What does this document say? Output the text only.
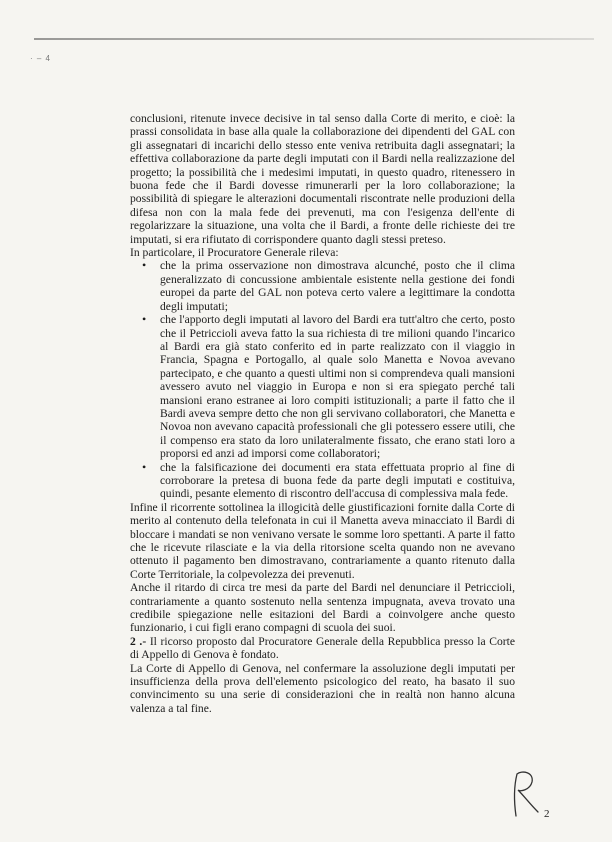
· – 4

conclusioni, ritenute invece decisive in tal senso dalla Corte di merito, e cioè: la prassi consolidata in base alla quale la collaborazione dei dipendenti del GAL con gli assegnatari di incarichi dello stesso ente veniva retribuita dagli assegnatari; la effettiva collaborazione da parte degli imputati con il Bardi nella realizzazione del progetto; la possibilità che i medesimi imputati, in questo quadro, ritenessero in buona fede che il Bardi dovesse rimunerarli per la loro collaborazione; la possibilità di spiegare le alterazioni documentali riscontrate nelle produzioni della difesa non con la mala fede dei prevenuti, ma con l'esigenza dell'ente di regolarizzare la situazione, una volta che il Bardi, a fronte delle richieste dei tre imputati, si era rifiutato di corrispondere quanto dagli stessi preteso.

In particolare, il Procuratore Generale rileva:

• che la prima osservazione non dimostrava alcunché, posto che il clima generalizzato di concussione ambientale esistente nella gestione dei fondi europei da parte del GAL non poteva certo valere a legittimare la condotta degli imputati;
• che l'apporto degli imputati al lavoro del Bardi era tutt'altro che certo, posto che il Petriccioli aveva fatto la sua richiesta di tre milioni quando l'incarico al Bardi era già stato conferito ed in parte realizzato con il viaggio in Francia, Spagna e Portogallo, al quale solo Manetta e Novoa avevano partecipato, e che quanto a questi ultimi non si comprendeva quali mansioni avessero avuto nel viaggio in Europa e non si era spiegato perché tali mansioni erano estranee ai loro compiti istituzionali; a parte il fatto che il Bardi aveva sempre detto che non gli servivano collaboratori, che Manetta e Novoa non avevano capacità professionali che gli potessero essere utili, che il compenso era stato da loro unilateralmente fissato, che erano stati loro a proporsi ed anzi ad imporsi come collaboratori;
• che la falsificazione dei documenti era stata effettuata proprio al fine di corroborare la pretesa di buona fede da parte degli imputati e costituiva, quindi, pesante elemento di riscontro dell'accusa di complessiva mala fede.

Infine il ricorrente sottolinea la illogicità delle giustificazioni fornite dalla Corte di merito al contenuto della telefonata in cui il Manetta aveva minacciato il Bardi di bloccare i mandati se non venivano versate le somme loro spettanti. A parte il fatto che le ricevute rilasciate e la via della ritorsione scelta quando non ne avevano ottenuto il pagamento ben dimostravano, contrariamente a quanto ritenuto dalla Corte Territoriale, la colpevolezza dei prevenuti.

Anche il ritardo di circa tre mesi da parte del Bardi nel denunciare il Petriccioli, contrariamente a quanto sostenuto nella sentenza impugnata, aveva trovato una credibile spiegazione nelle esitazioni del Bardi a coinvolgere anche questo funzionario, i cui figli erano compagni di scuola dei suoi.

2 .- Il ricorso proposto dal Procuratore Generale della Repubblica presso la Corte di Appello di Genova è fondato.

La Corte di Appello di Genova, nel confermare la assoluzione degli imputati per insufficienza della prova dell'elemento psicologico del reato, ha basato il suo convincimento su una serie di considerazioni che in realtà non hanno alcuna valenza a tal fine.

2
